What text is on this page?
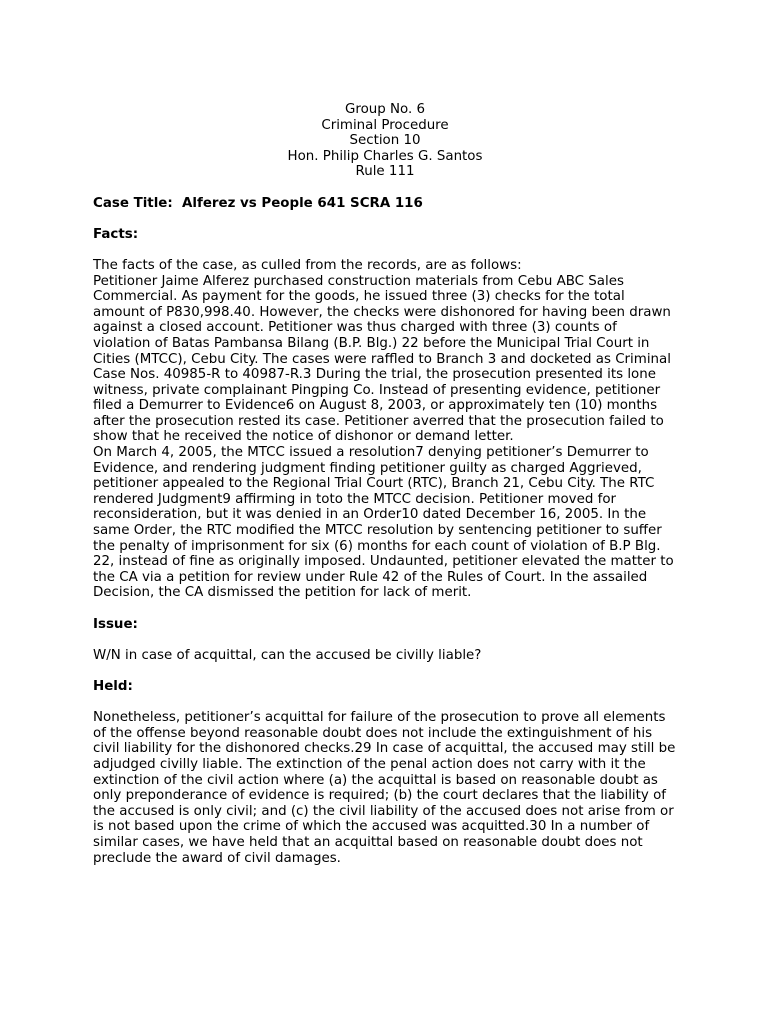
Group No. 6

Criminal Procedure

Section 10

Hon. Philip Charles G. Santos

Rule 111

Case Title:  Alferez vs People 641 SCRA 116

Facts:

The facts of the case, as culled from the records, are as follows:

Petitioner Jaime Alferez purchased construction materials from Cebu ABC Sales Commercial. As payment for the goods, he issued three (3) checks for the total amount of P830,998.40. However, the checks were dishonored for having been drawn against a closed account. Petitioner was thus charged with three (3) counts of violation of Batas Pambansa Bilang (B.P. Blg.) 22 before the Municipal Trial Court in Cities (MTCC), Cebu City. The cases were raffled to Branch 3 and docketed as Criminal Case Nos. 40985-R to 40987-R.3 During the trial, the prosecution presented its lone witness, private complainant Pingping Co. Instead of presenting evidence, petitioner filed a Demurrer to Evidence6 on August 8, 2003, or approximately ten (10) months after the prosecution rested its case. Petitioner averred that the prosecution failed to show that he received the notice of dishonor or demand letter.

On March 4, 2005, the MTCC issued a resolution7 denying petitioner’s Demurrer to Evidence, and rendering judgment finding petitioner guilty as charged Aggrieved, petitioner appealed to the Regional Trial Court (RTC), Branch 21, Cebu City. The RTC rendered Judgment9 affirming in toto the MTCC decision. Petitioner moved for reconsideration, but it was denied in an Order10 dated December 16, 2005. In the same Order, the RTC modified the MTCC resolution by sentencing petitioner to suffer the penalty of imprisonment for six (6) months for each count of violation of B.P Blg. 22, instead of fine as originally imposed. Undaunted, petitioner elevated the matter to the CA via a petition for review under Rule 42 of the Rules of Court. In the assailed Decision, the CA dismissed the petition for lack of merit.

Issue:

W/N in case of acquittal, can the accused be civilly liable?

Held:

Nonetheless, petitioner’s acquittal for failure of the prosecution to prove all elements of the offense beyond reasonable doubt does not include the extinguishment of his civil liability for the dishonored checks.29 In case of acquittal, the accused may still be adjudged civilly liable. The extinction of the penal action does not carry with it the extinction of the civil action where (a) the acquittal is based on reasonable doubt as only preponderance of evidence is required; (b) the court declares that the liability of the accused is only civil; and (c) the civil liability of the accused does not arise from or is not based upon the crime of which the accused was acquitted.30 In a number of similar cases, we have held that an acquittal based on reasonable doubt does not preclude the award of civil damages.
